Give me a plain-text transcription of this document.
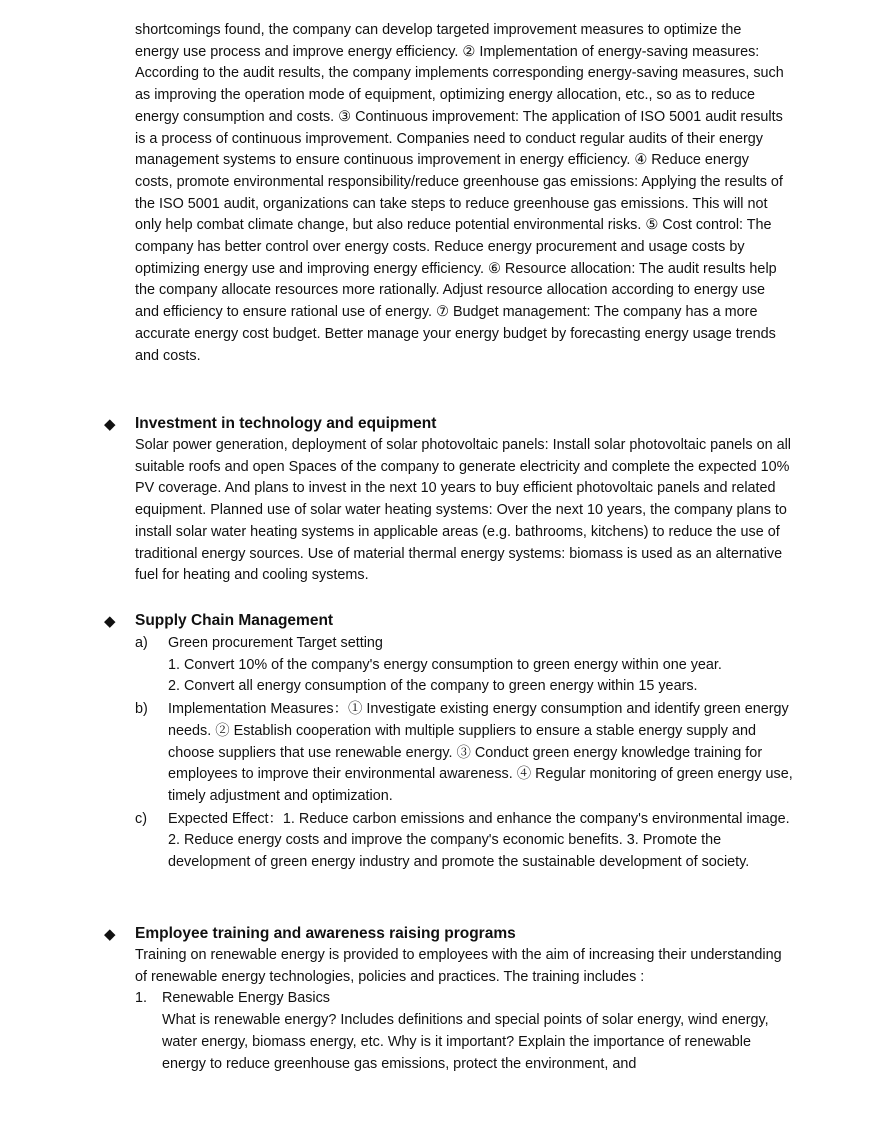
shortcomings found, the company can develop targeted improvement measures to optimize the energy use process and improve energy efficiency. ② Implementation of energy-saving measures: According to the audit results, the company implements corresponding energy-saving measures, such as improving the operation mode of equipment, optimizing energy allocation, etc., so as to reduce energy consumption and costs. ③ Continuous improvement: The application of ISO 5001 audit results is a process of continuous improvement. Companies need to conduct regular audits of their energy management systems to ensure continuous improvement in energy efficiency. ④ Reduce energy costs, promote environmental responsibility/reduce greenhouse gas emissions: Applying the results of the ISO 5001 audit, organizations can take steps to reduce greenhouse gas emissions. This will not only help combat climate change, but also reduce potential environmental risks. ⑤ Cost control: The company has better control over energy costs. Reduce energy procurement and usage costs by optimizing energy use and improving energy efficiency. ⑥ Resource allocation: The audit results help the company allocate resources more rationally. Adjust resource allocation according to energy use and efficiency to ensure rational use of energy. ⑦ Budget management: The company has a more accurate energy cost budget. Better manage your energy budget by forecasting energy usage trends and costs.

◆ Investment in technology and equipment

Solar power generation, deployment of solar photovoltaic panels: Install solar photovoltaic panels on all suitable roofs and open Spaces of the company to generate electricity and complete the expected 10% PV coverage. And plans to invest in the next 10 years to buy efficient photovoltaic panels and related equipment. Planned use of solar water heating systems: Over the next 10 years, the company plans to install solar water heating systems in applicable areas (e.g. bathrooms, kitchens) to reduce the use of traditional energy sources. Use of material thermal energy systems: biomass is used as an alternative fuel for heating and cooling systems.

◆ Supply Chain Management
a) Green procurement Target setting
1. Convert 10% of the company's energy consumption to green energy within one year.
2. Convert all energy consumption of the company to green energy within 15 years.
b) Implementation Measures：① Investigate existing energy consumption and identify green energy needs. ② Establish cooperation with multiple suppliers to ensure a stable energy supply and choose suppliers that use renewable energy. ③ Conduct green energy knowledge training for employees to improve their environmental awareness. ④ Regular monitoring of green energy use, timely adjustment and optimization.
c) Expected Effect：1. Reduce carbon emissions and enhance the company's environmental image. 2. Reduce energy costs and improve the company's economic benefits. 3. Promote the development of green energy industry and promote the sustainable development of society.
◆ Employee training and awareness raising programs

Training on renewable energy is provided to employees with the aim of increasing their understanding of renewable energy technologies, policies and practices. The training includes :

1. Renewable Energy Basics
What is renewable energy? Includes definitions and special points of solar energy, wind energy, water energy, biomass energy, etc. Why is it important? Explain the importance of renewable energy to reduce greenhouse gas emissions, protect the environment, and
